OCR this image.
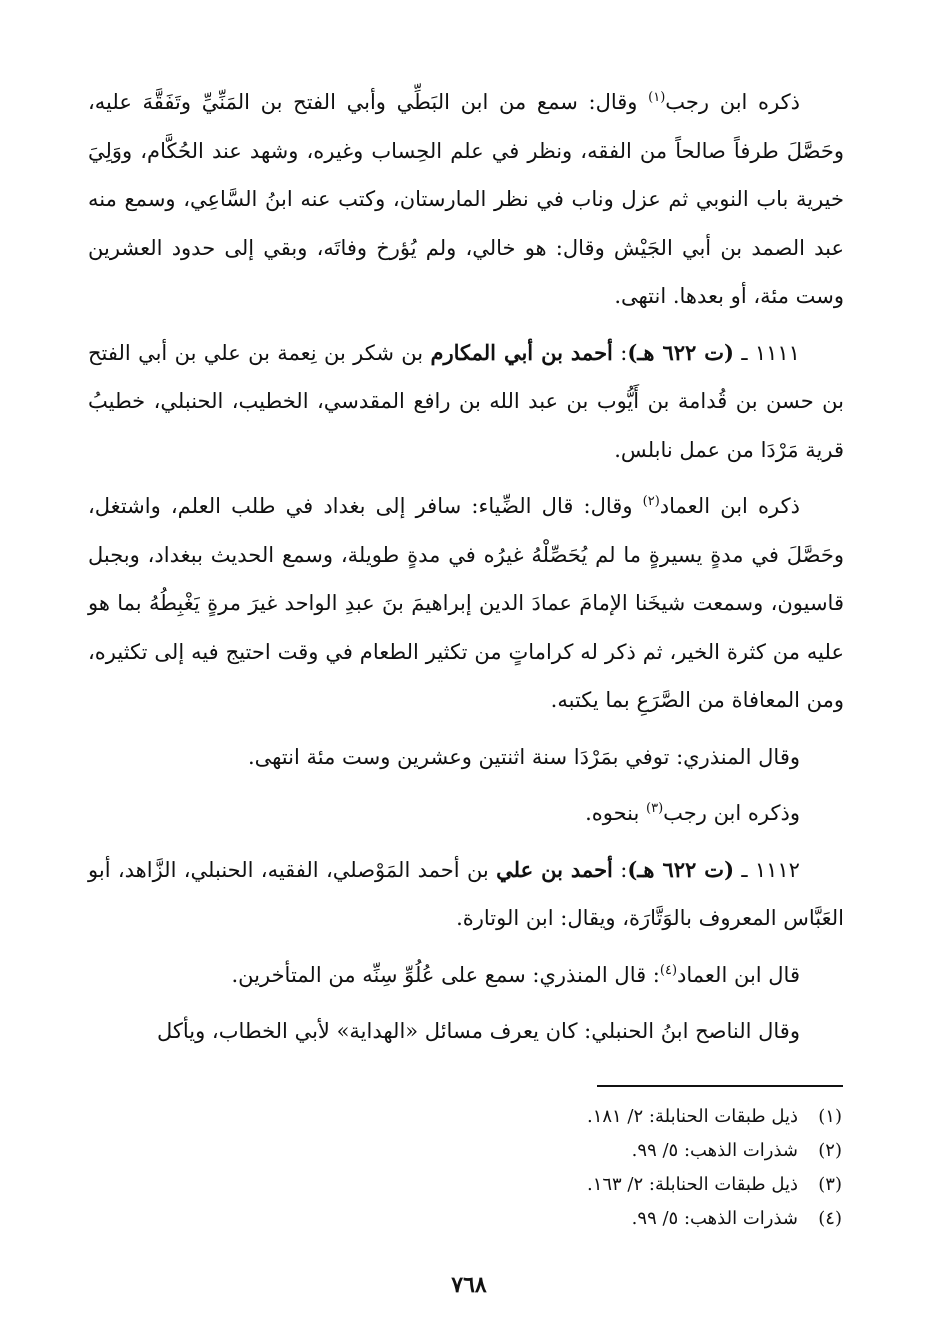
ذكره ابن رجب$^{(١)}$ وقال: سمع من ابن البَطِّي وأبي الفتح بن المَنِّيِّ وتَفَقَّهَ عليه، وحَصَّلَ طرفاً صالحاً من الفقه، ونظر في علم الحِساب وغيره، وشهد عند الحُكَّام، ووَلِيَ خيرية باب النوبي ثم عزل وناب في نظر المارستان، وكتب عنه ابنُ السَّاعِي، وسمع منه عبد الصمد بن أبي الجَيْش وقال: هو خالي، ولم يُؤرخ وفاتَه، وبقي إلى حدود العشرين وست مئة، أو بعدها. انتهى.

١١١١ ـ (ت ٦٢٢ هـ): أحمد بن أبي المكارم بن شكر بن نِعمة بن علي بن أبي الفتح بن حسن بن قُدامة بن أَيُّوب بن عبد الله بن رافع المقدسي، الخطيب، الحنبلي، خطيبُ قرية مَرْدَا من عمل نابلس.

ذكره ابن العماد$^{(٢)}$ وقال: قال الضِّياء: سافر إلى بغداد في طلب العلم، واشتغل، وحَصَّلَ في مدةٍ يسيرةٍ ما لم يُحَصِّلْهُ غيرُه في مدةٍ طويلة، وسمع الحديث ببغداد، وبجبل قاسيون، وسمعت شيخَنا الإمامَ عمادَ الدين إبراهيمَ بنَ عبدِ الواحد غيرَ مرةٍ يَغْبِطُهُ بما هو عليه من كثرة الخير، ثم ذكر له كراماتٍ من تكثير الطعام في وقت احتيج فيه إلى تكثيره، ومن المعافاة من الصَّرَعِ بما يكتبه.

وقال المنذري: توفي بمَرْدَا سنة اثنتين وعشرين وست مئة انتهى.

وذكره ابن رجب$^{(٣)}$ بنحوه.

١١١٢ ـ (ت ٦٢٢ هـ): أحمد بن علي بن أحمد المَوْصلي، الفقيه، الحنبلي، الزَّاهد، أبو العَبَّاس المعروف بالوَتَّارَة، ويقال: ابن الوتارة.

قال ابن العماد$^{(٤)}$: قال المنذري: سمع على عُلُوِّ سِنِّه من المتأخرين.

وقال الناصح ابنُ الحنبلي: كان يعرف مسائل «الهداية» لأبي الخطاب، ويأكل

(١)ذيل طبقات الحنابلة: ٢/ ١٨١.
(٢)شذرات الذهب: ٥/ ٩٩.
(٣)ذيل طبقات الحنابلة: ٢/ ١٦٣.
(٤)شذرات الذهب: ٥/ ٩٩.
٧٦٨
